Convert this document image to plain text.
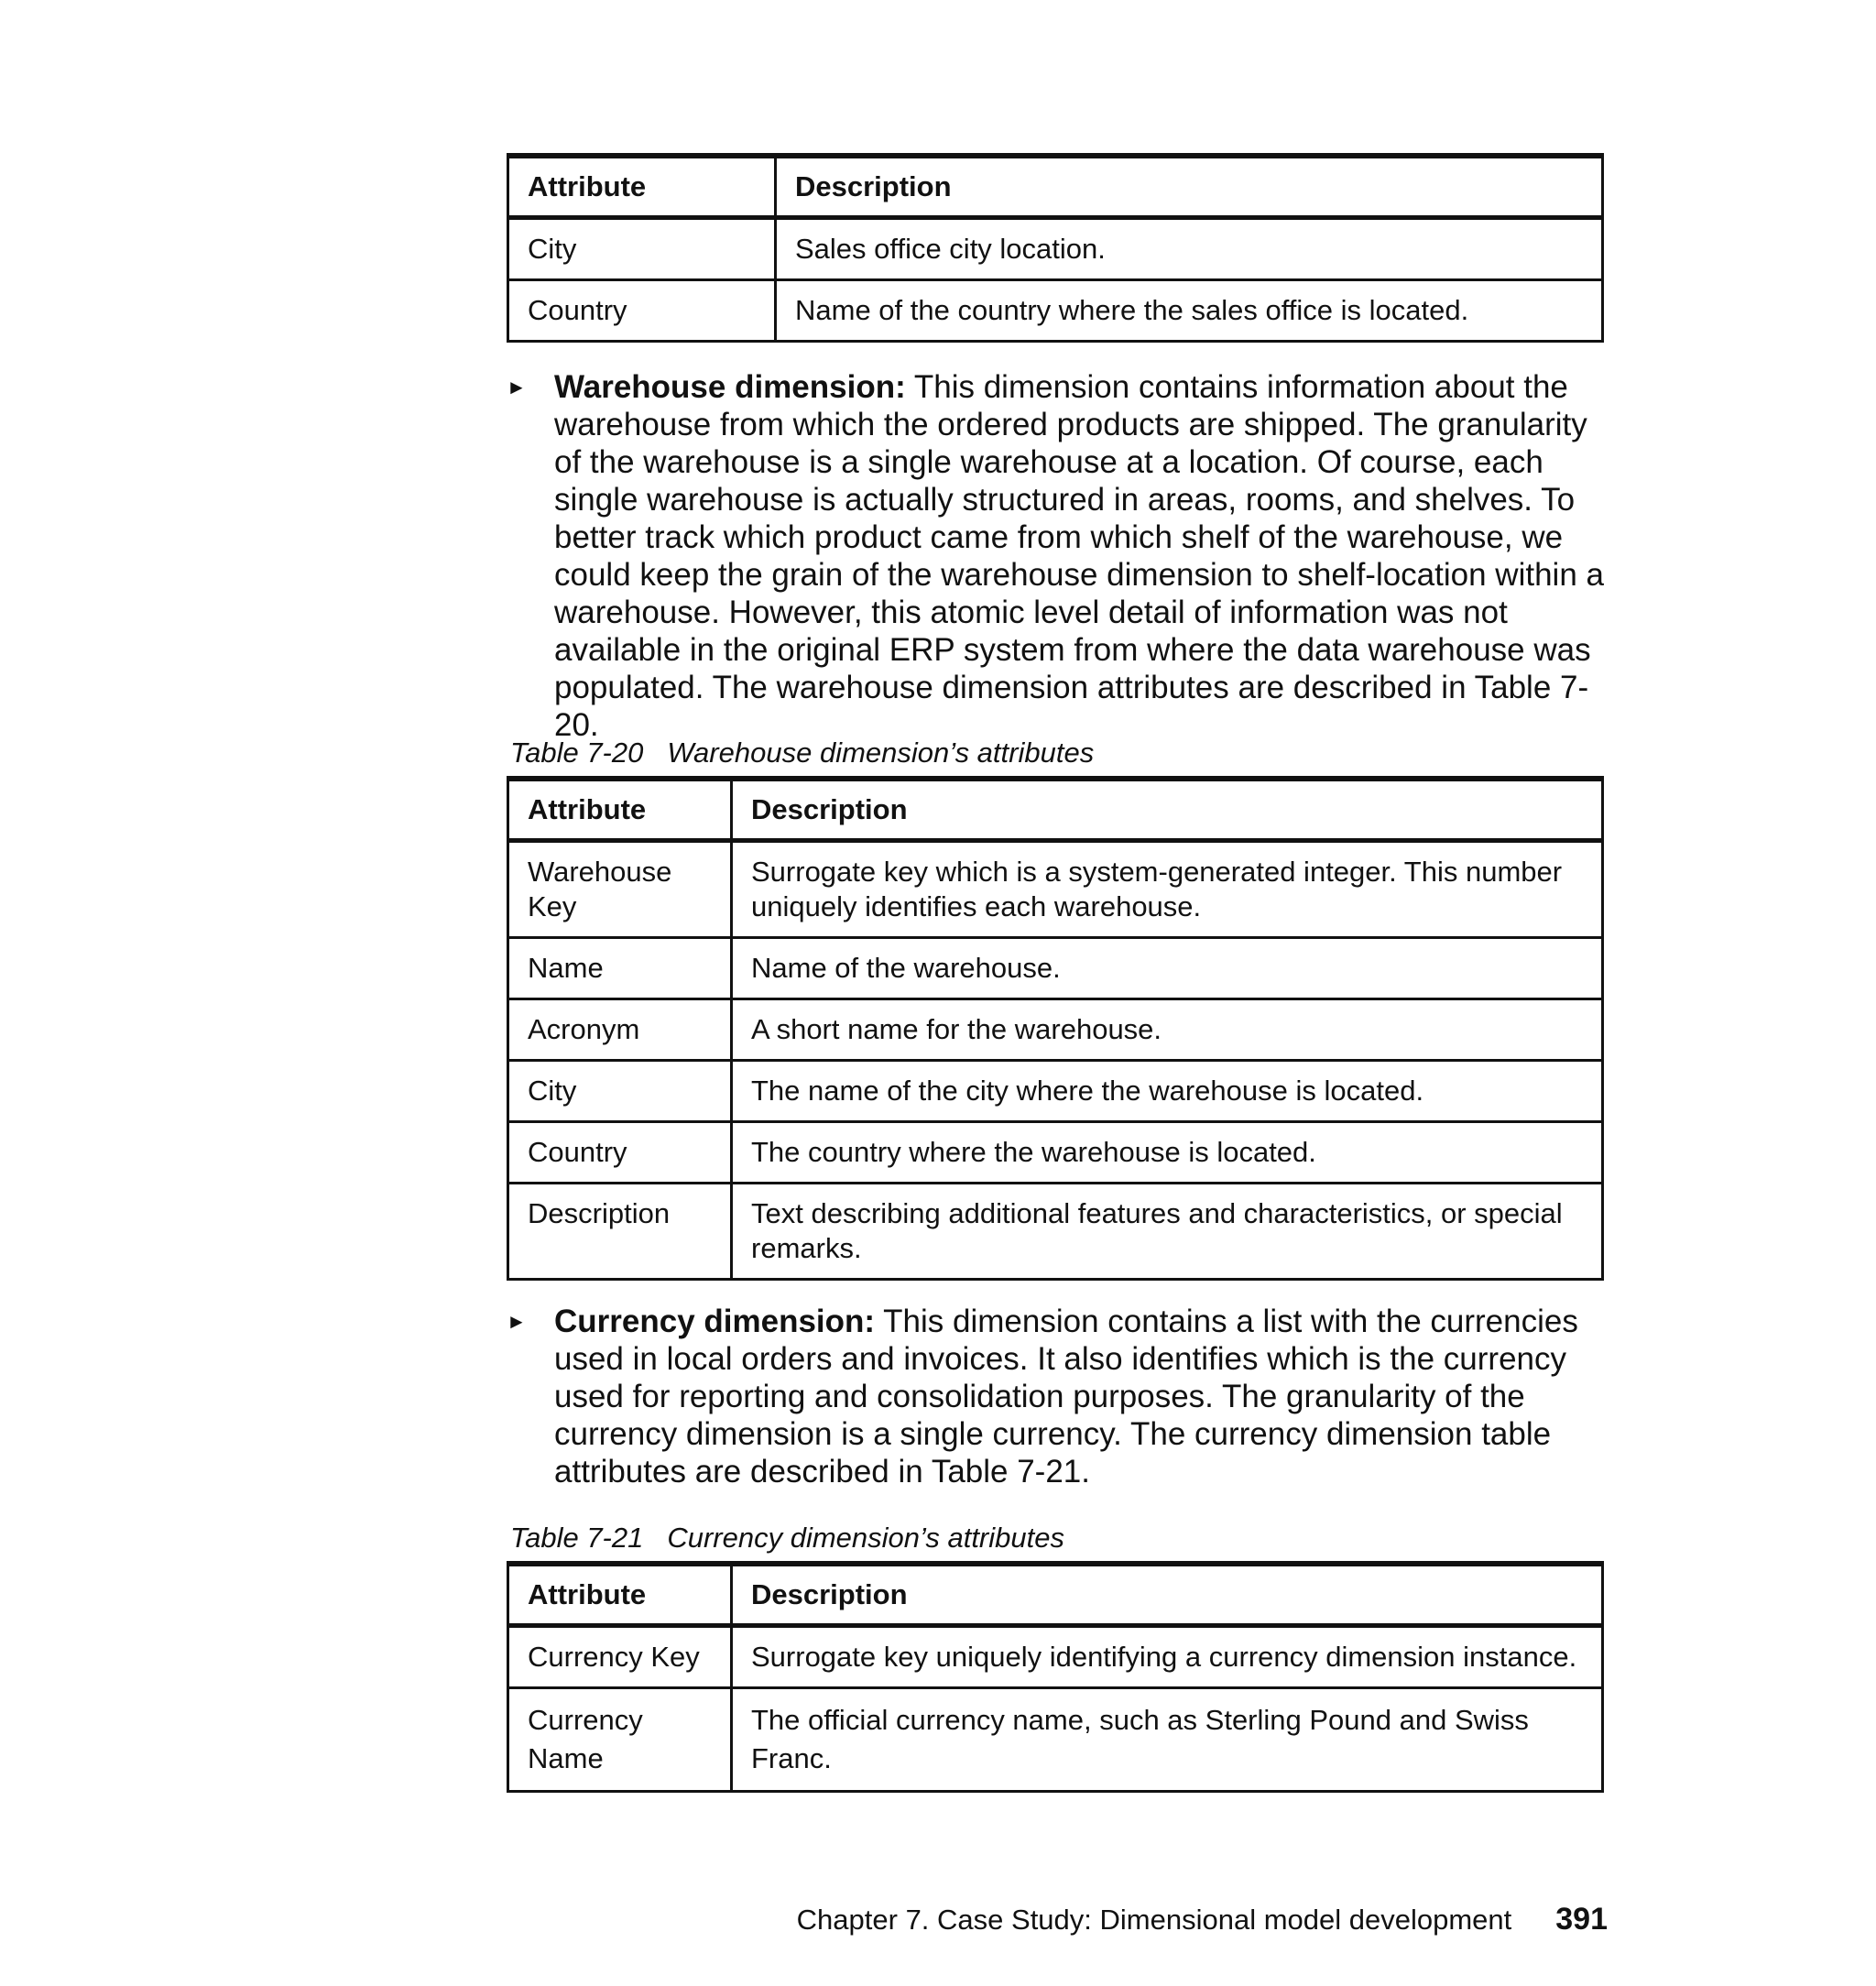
Attribute	Description
City	Sales office city location.
Country	Name of the country where the sales office is located.
► Warehouse dimension: This dimension contains information about the warehouse from which the ordered products are shipped. The granularity of the warehouse is a single warehouse at a location. Of course, each single warehouse is actually structured in areas, rooms, and shelves. To better track which product came from which shelf of the warehouse, we could keep the grain of the warehouse dimension to shelf-location within a warehouse. However, this atomic level detail of information was not available in the original ERP system from where the data warehouse was populated. The warehouse dimension attributes are described in Table 7-20.
Table 7-20 Warehouse dimension’s attributes
Attribute	Description
Warehouse Key	Surrogate key which is a system-generated integer. This number uniquely identifies each warehouse.
Name	Name of the warehouse.
Acronym	A short name for the warehouse.
City	The name of the city where the warehouse is located.
Country	The country where the warehouse is located.
Description	Text describing additional features and characteristics, or special remarks.
► Currency dimension: This dimension contains a list with the currencies used in local orders and invoices. It also identifies which is the currency used for reporting and consolidation purposes. The granularity of the currency dimension is a single currency. The currency dimension table attributes are described in Table 7-21.
Table 7-21 Currency dimension’s attributes
Attribute	Description
Currency Key	Surrogate key uniquely identifying a currency dimension instance.
Currency Name	The official currency name, such as Sterling Pound and Swiss Franc.
Chapter 7. Case Study: Dimensional model development 391
